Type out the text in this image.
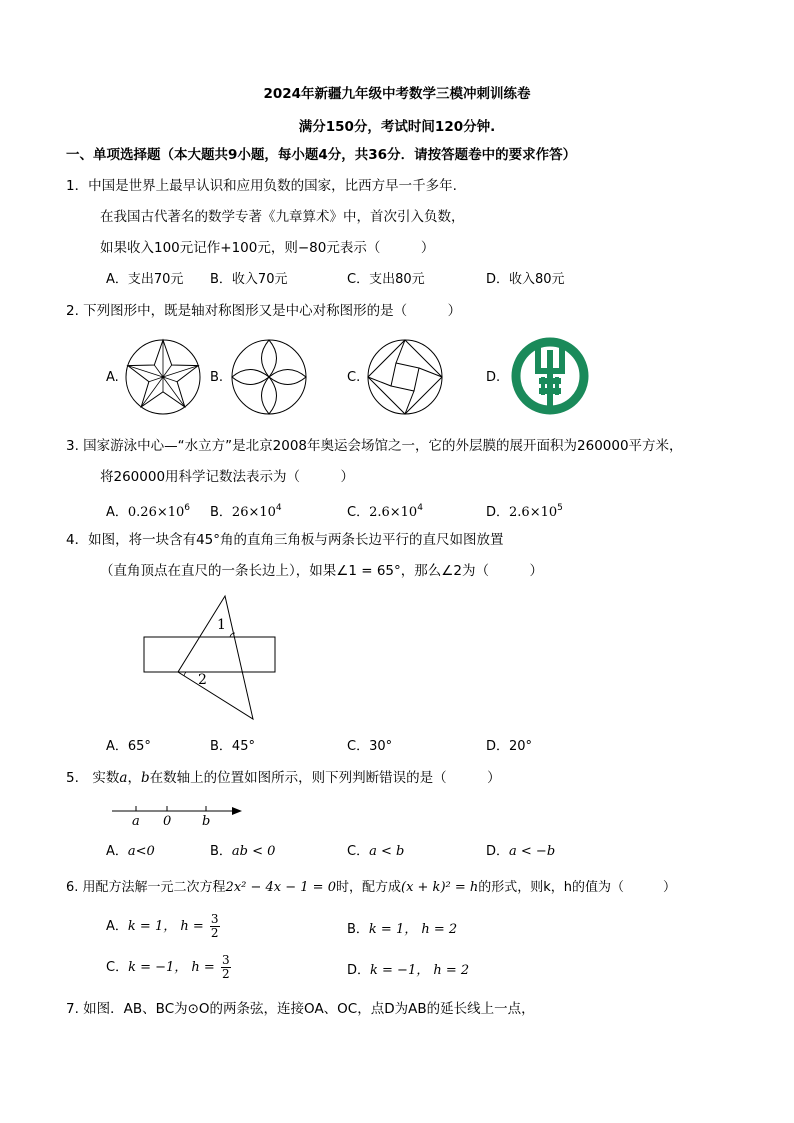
2024年新疆九年级中考数学三模冲刺训练卷
满分150分，考试时间120分钟.
一、单项选择题（本大题共9小题，每小题4分，共36分．请按答题卷中的要求作答）
1．中国是世界上最早认识和应用负数的国家，比西方早一千多年.
在我国古代著名的数学专著《九章算术》中，首次引入负数，
如果收入100元记作+100元，则−80元表示（　　　）
A．支出70元 B．收入70元	C．支出80元	D．收入80元
2. 下列图形中，既是轴对称图形又是中心对称图形的是（　　　）
A.	B.	C.	D.
3. 国家游泳中心—“水立方”是北京2008年奥运会场馆之一，它的外层膜的展开面积为260000平方米，
将260000用科学记数法表示为（　　　）
A．$0.26\times 10^6$ B．$26\times 10^4$	C．$2.6\times 10^4$	D．$2.6\times 10^5$
4．如图，将一块含有45°角的直角三角板与两条长边平行的直尺如图放置
（直角顶点在直尺的一条长边上），如果∠1 = 65°，那么∠2为（　　　）
1
2
A．65°	B．45°	C．30°	D．20°
5.　实数a，b在数轴上的位置如图所示，则下列判断错误的是（　　　）
a 0 b
A．a<0	B．ab < 0	C．a < b	D．a < −b
6. 用配方法解一元二次方程2x² − 4x − 1 = 0时，配方成(x + k)² = h的形式，则k，h的值为（　　　）
A．k = 1， $h = \frac{3}{2}$	B．k = 1， h = 2
C．k = −1， $h = \frac{3}{2}$	D．k = −1， h = 2
7. 如图．AB、BC为⊙O的两条弦，连接OA、OC，点D为AB的延长线上一点，
